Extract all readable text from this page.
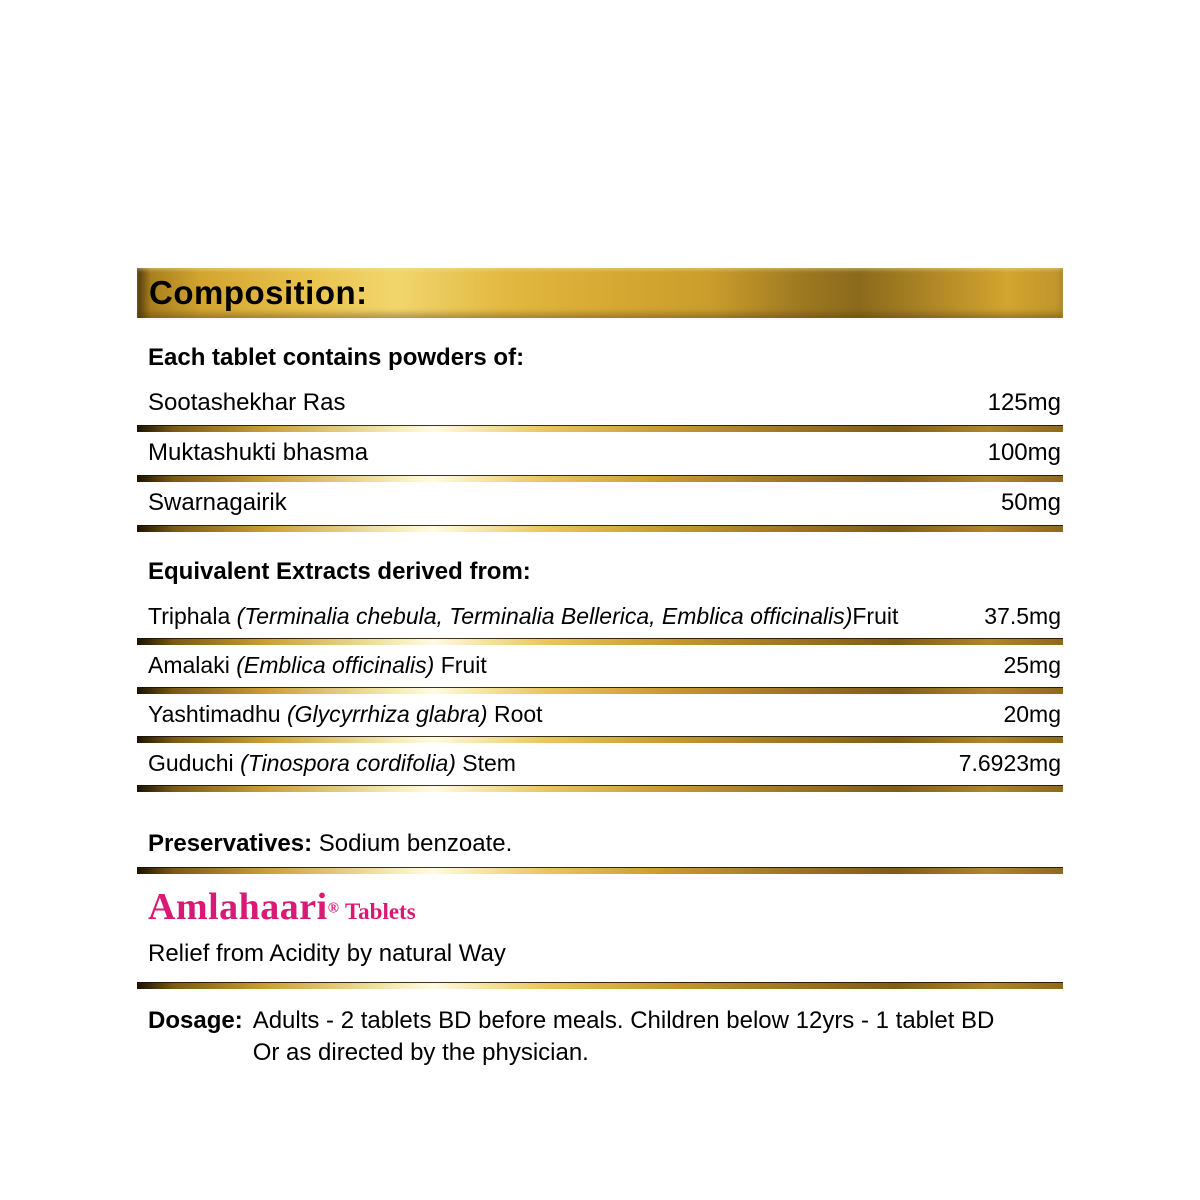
Composition:
Each tablet contains powders of:
Sootashekhar Ras	125mg
Muktashukti bhasma	100mg
Swarnagairik	50mg
Equivalent Extracts derived from:
Triphala (Terminalia chebula, Terminalia Bellerica, Emblica officinalis)Fruit	37.5mg
Amalaki (Emblica officinalis) Fruit	25mg
Yashtimadhu (Glycyrrhiza glabra) Root	20mg
Guduchi (Tinospora cordifolia) Stem	7.6923mg
Preservatives: Sodium benzoate.
Amlahaari® Tablets
Relief from Acidity by natural Way
Dosage: Adults - 2 tablets BD before meals. Children below 12yrs - 1 tablet BD
Or as directed by the physician.
